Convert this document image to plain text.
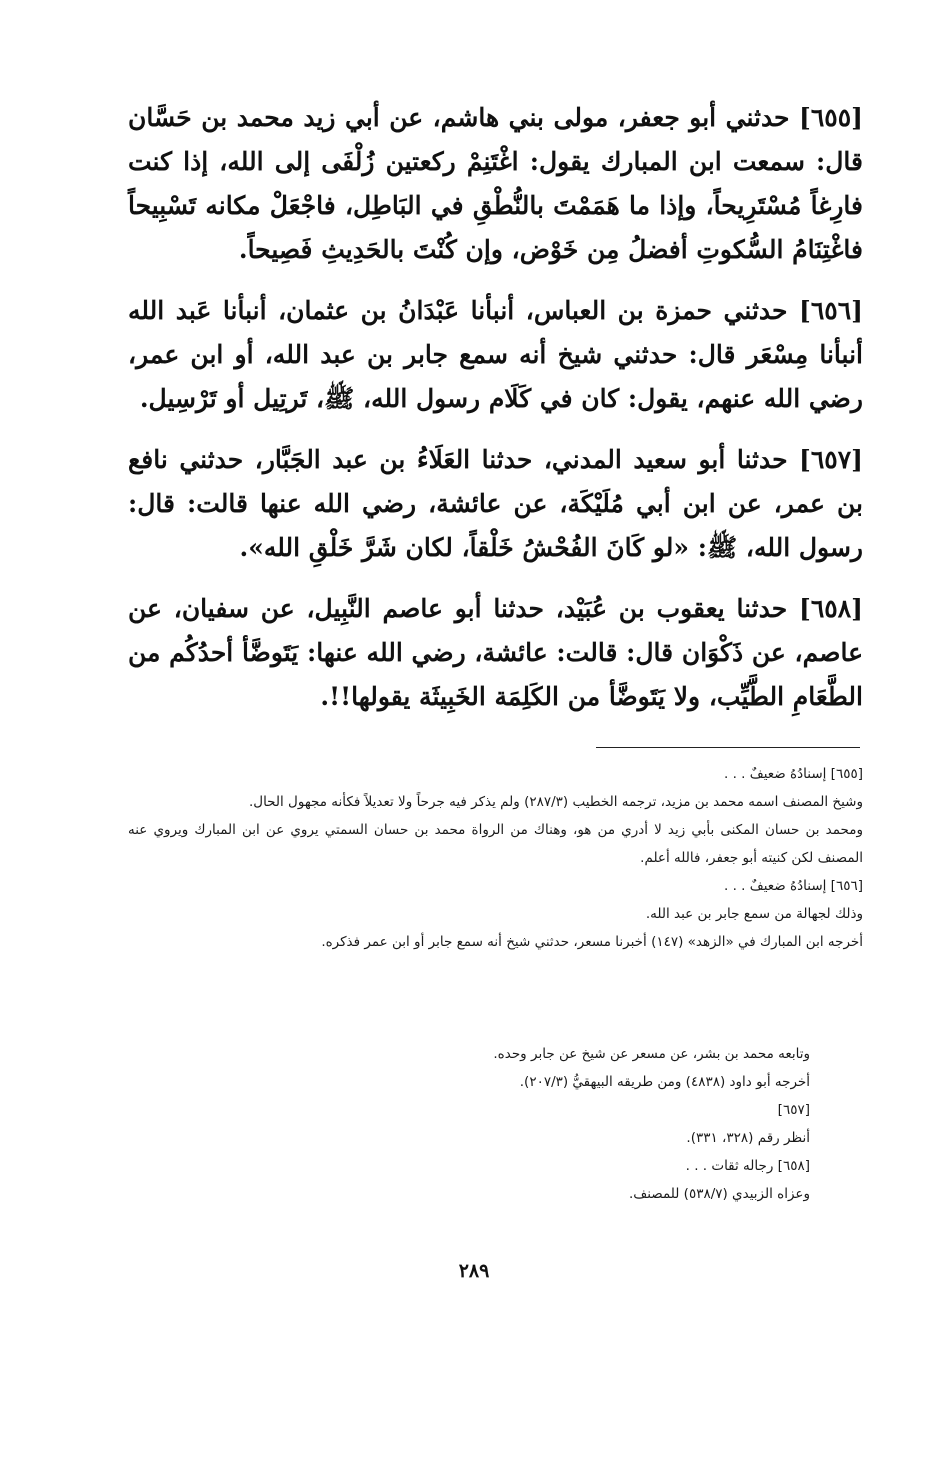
[٦٥٥] حدثني أبو جعفر، مولى بني هاشم، عن أبي زيد محمد بن حَسَّان قال: سمعت ابن المبارك يقول: اغْتَنِمْ ركعتين زُلْفَى إلى الله، إذا كنت فارِغاً مُسْتَرِيحاً، وإذا ما هَمَمْتَ بالنُّطْقِ في البَاطِل، فاجْعَلْ مكانه تَسْبِيحاً فاغْتِنَامُ السُّكوتِ أفضلُ مِن خَوْض، وإن كُنْتَ بالحَدِيثِ فَصِيحاً.

[٦٥٦] حدثني حمزة بن العباس، أنبأنا عَبْدَانُ بن عثمان، أنبأنا عَبد الله أنبأنا مِسْعَر قال: حدثني شيخ أنه سمع جابر بن عبد الله، أو ابن عمر، رضي الله عنهم، يقول: كان في كَلَام رسول الله، ﷺ، تَرتِيل أو تَرْسِيل.

[٦٥٧] حدثنا أبو سعيد المدني، حدثنا العَلَاءُ بن عبد الجَبَّار، حدثني نافع بن عمر، عن ابن أبي مُلَيْكَة، عن عائشة، رضي الله عنها قالت: قال: رسول الله، ﷺ: «لو كَانَ الفُحْشُ خَلْقاً، لكان شَرَّ خَلْقِ الله».

[٦٥٨] حدثنا يعقوب بن عُبَيْد، حدثنا أبو عاصم النَّبِيل، عن سفيان، عن عاصم، عن ذَكْوَان قال: قالت: عائشة، رضي الله عنها: يَتَوضَّأ أحدُكُم من الطَّعَامِ الطَّيِّب، ولا يَتَوضَّأ من الكَلِمَة الخَبِيثَة يقولها!!.

[٦٥٥] إسنادُهُ ضعيفٌ . . .

وشيخ المصنف اسمه محمد بن مزيد، ترجمه الخطيب (٢٨٧/٣) ولم يذكر فيه جرحاً ولا تعديلاً فكأنه مجهول الحال.

ومحمد بن حسان المكنى بأبي زيد لا أدري من هو، وهناك من الرواة محمد بن حسان السمتي يروي عن ابن المبارك ويروي عنه المصنف لكن كنيته أبو جعفر، فالله أعلم.

[٦٥٦] إسنادُهُ ضعيفٌ . . .

وذلك لجهالة من سمع جابر بن عبد الله.

أخرجه ابن المبارك في «الزهد» (١٤٧) أخبرنا مسعر، حدثني شيخ أنه سمع جابر أو ابن عمر فذكره.

وتابعه محمد بن بشر، عن مسعر عن شيخ عن جابر وحده.

أخرجه أبو داود (٤٨٣٨) ومن طريقه البيهقيُّ (٢٠٧/٣).

[٦٥٧]

أنظر رقم (٣٢٨، ٣٣١).

[٦٥٨] رجاله ثقات . . .

وعزاه الزبيدي (٥٣٨/٧) للمصنف.

٢٨٩
